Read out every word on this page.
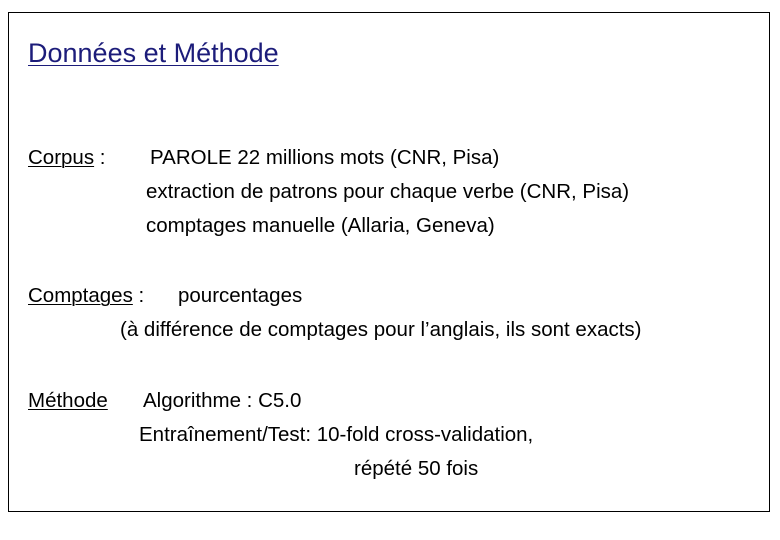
Données et Méthode
Corpus : PAROLE 22 millions mots (CNR, Pisa)
extraction de patrons pour chaque verbe (CNR, Pisa)
comptages manuelle (Allaria, Geneva)
Comptages : pourcentages
(à différence de comptages pour l’anglais, ils sont exacts)
Méthode Algorithme : C5.0
Entraînement/Test: 10-fold cross-validation,
répété 50 fois
